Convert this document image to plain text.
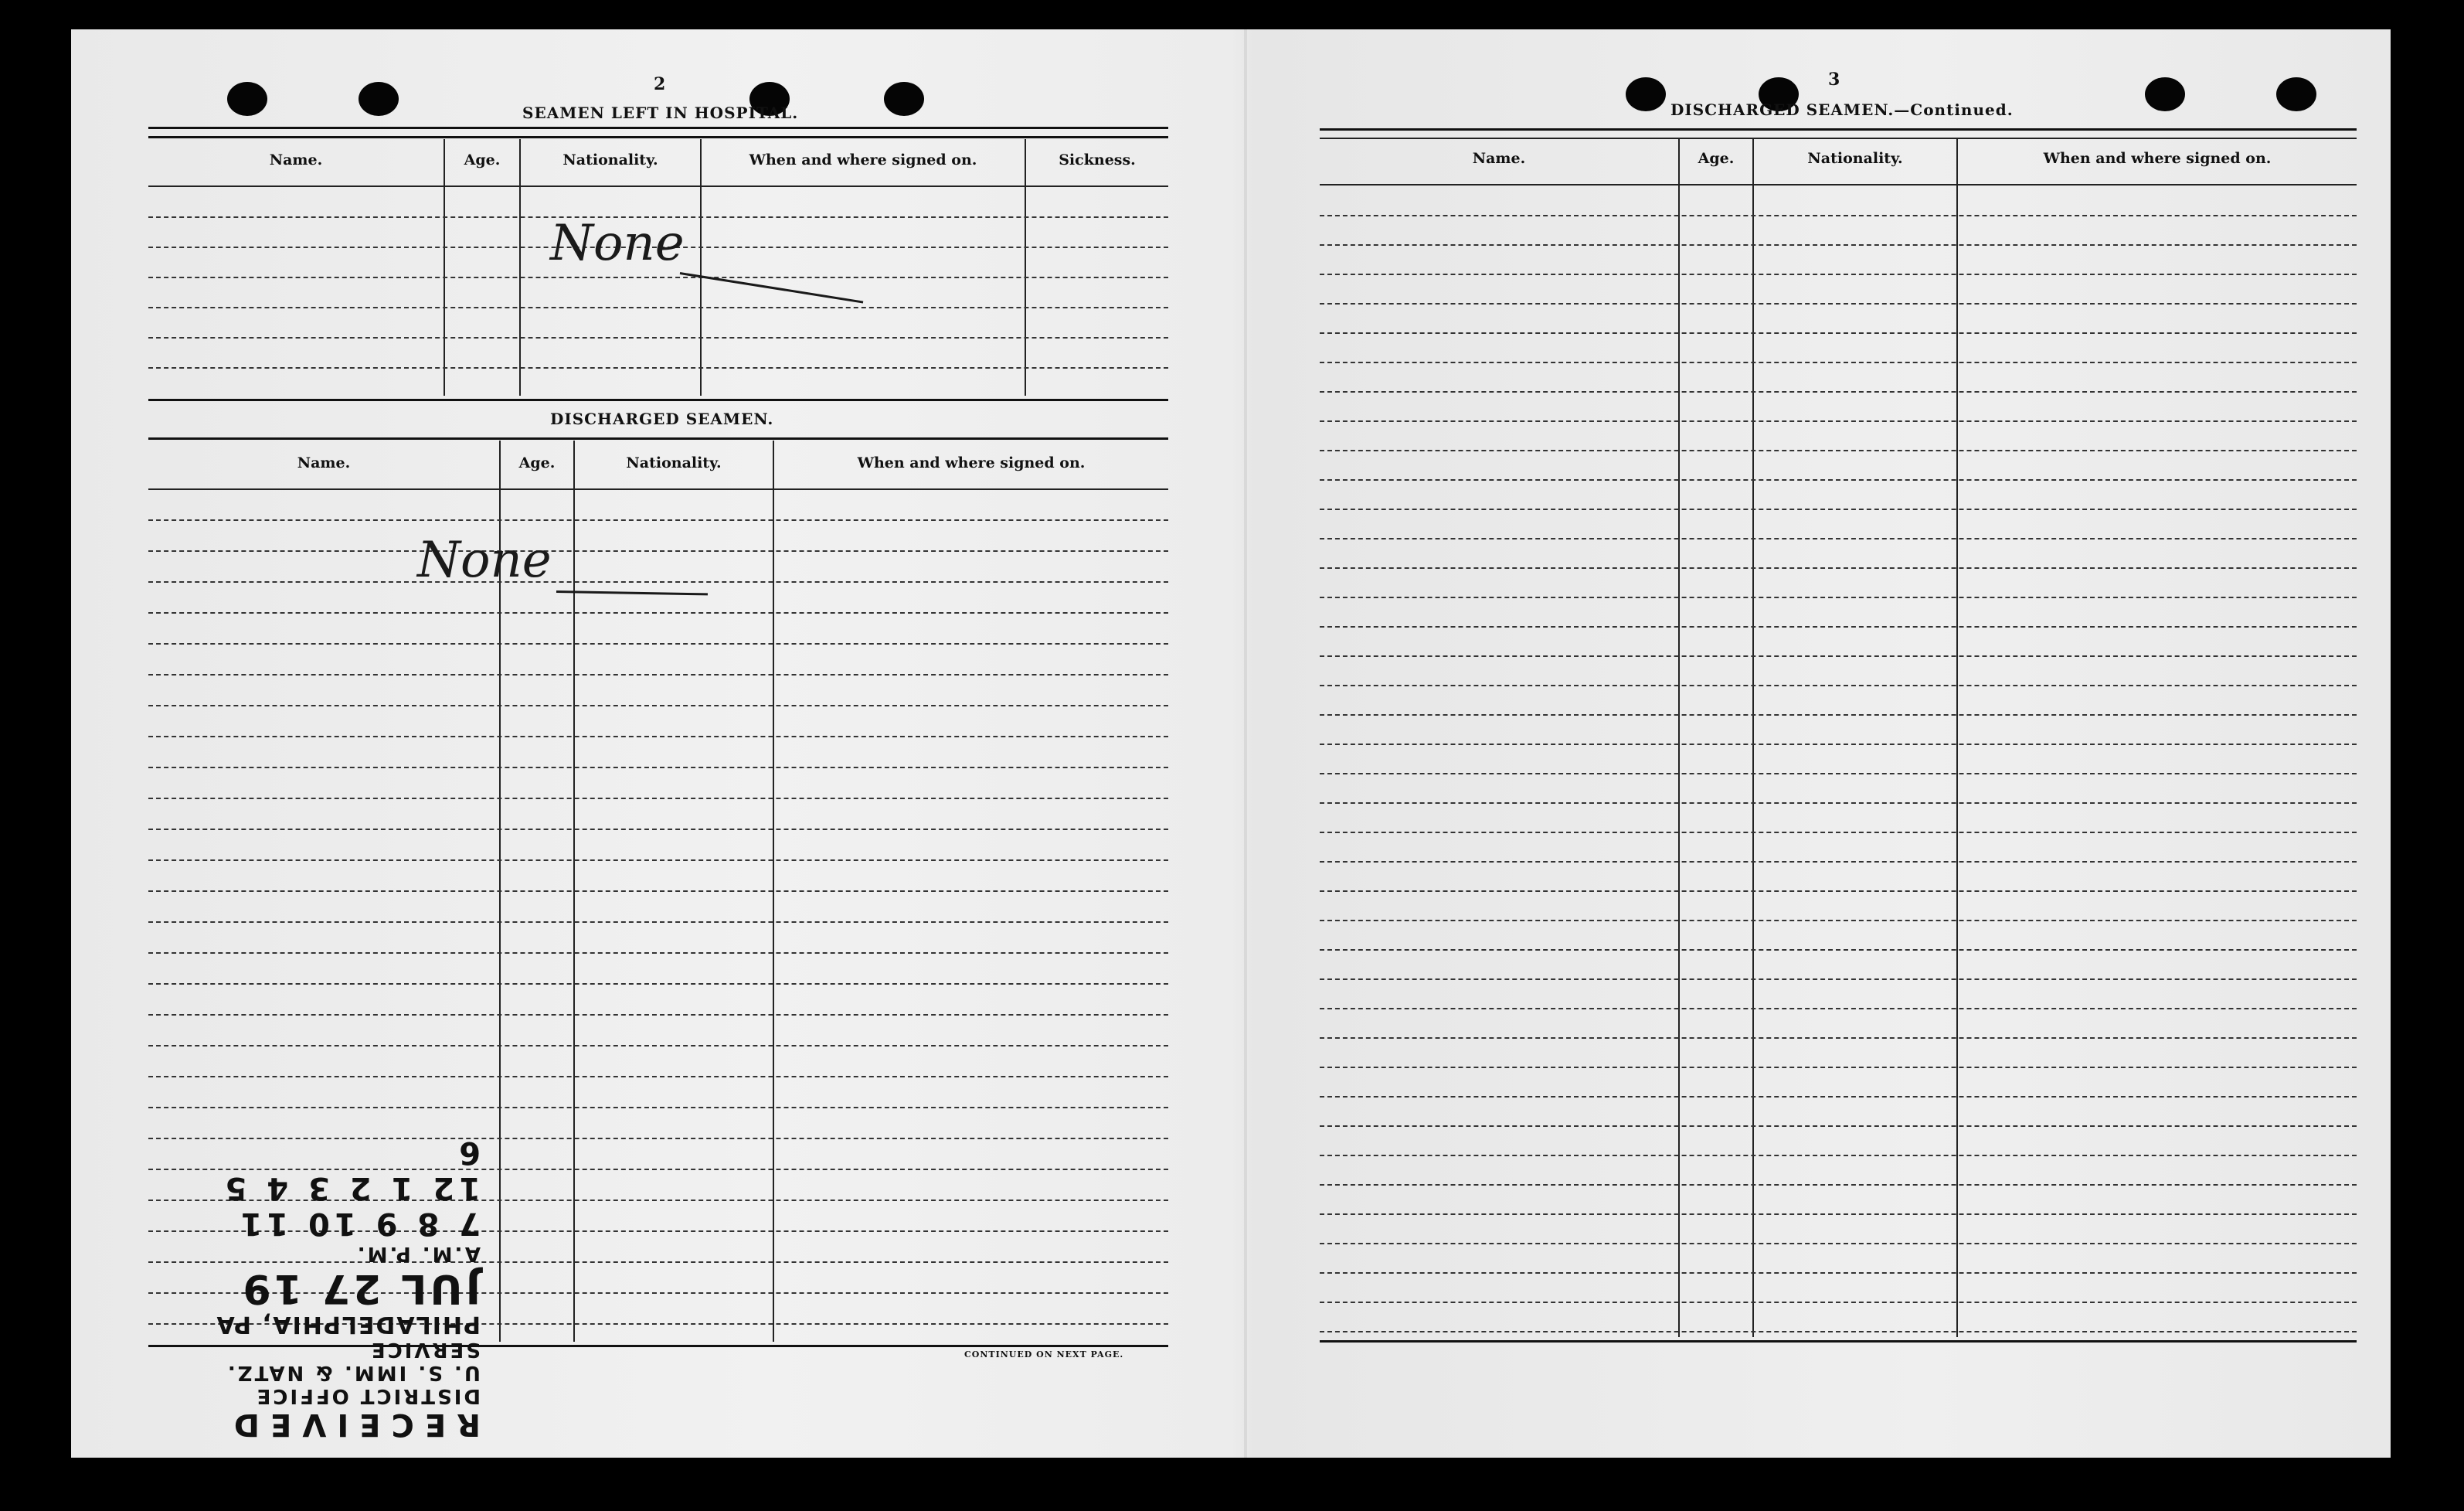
2
SEAMEN LEFT IN HOSPITAL.
Name.	Age.	Nationality.	When and where signed on.	Sickness.
None
DISCHARGED SEAMEN.
Name.	Age.	Nationality.	When and where signed on.
None
CONTINUED ON NEXT PAGE.
RECEIVED
DISTRICT OFFICE
U. S. IMM. & NATZ. SERVICE
PHILADELPHIA, PA
JUL 27 19
A.M. P.M.
7 8 9 10 11 12 1 2 3 4 5 6
3
DISCHARGED SEAMEN.—Continued.
Name.	Age.	Nationality.	When and where signed on.
